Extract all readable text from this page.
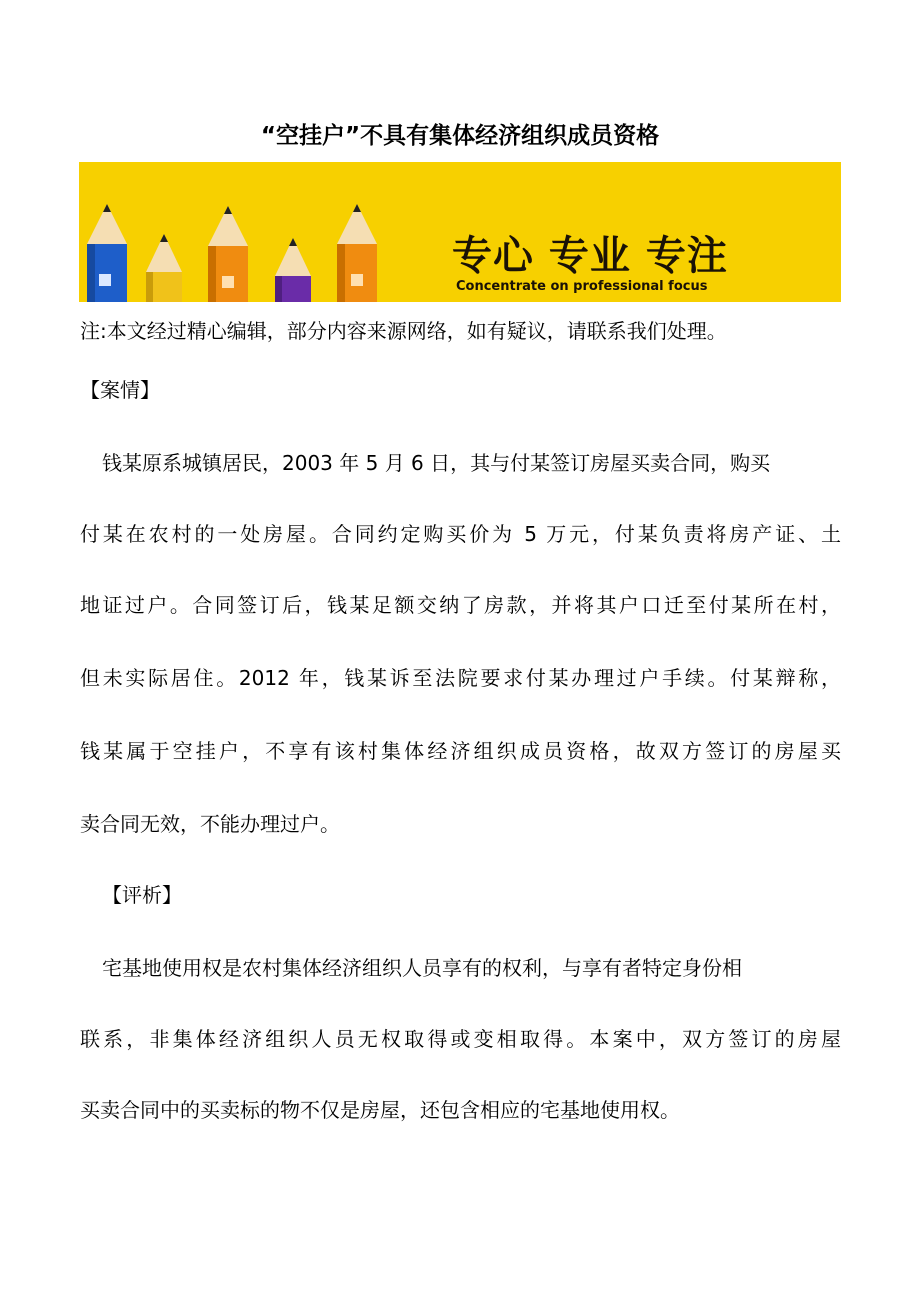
“空挂户”不具有集体经济组织成员资格
专心 专业 专注
Concentrate on professional focus
注:本文经过精心编辑，部分内容来源网络，如有疑议，请联系我们处理。
【案情】
钱某原系城镇居民，2003 年 5 月 6 日，其与付某签订房屋买卖合同，购买
付某在农村的一处房屋。合同约定购买价为 5 万元，付某负责将房产证、土
地证过户。合同签订后，钱某足额交纳了房款，并将其户口迁至付某所在村，
但未实际居住。2012 年，钱某诉至法院要求付某办理过户手续。付某辩称，
钱某属于空挂户，不享有该村集体经济组织成员资格，故双方签订的房屋买
卖合同无效，不能办理过户。
【评析】
宅基地使用权是农村集体经济组织人员享有的权利，与享有者特定身份相
联系，非集体经济组织人员无权取得或变相取得。本案中，双方签订的房屋
买卖合同中的买卖标的物不仅是房屋，还包含相应的宅基地使用权。
